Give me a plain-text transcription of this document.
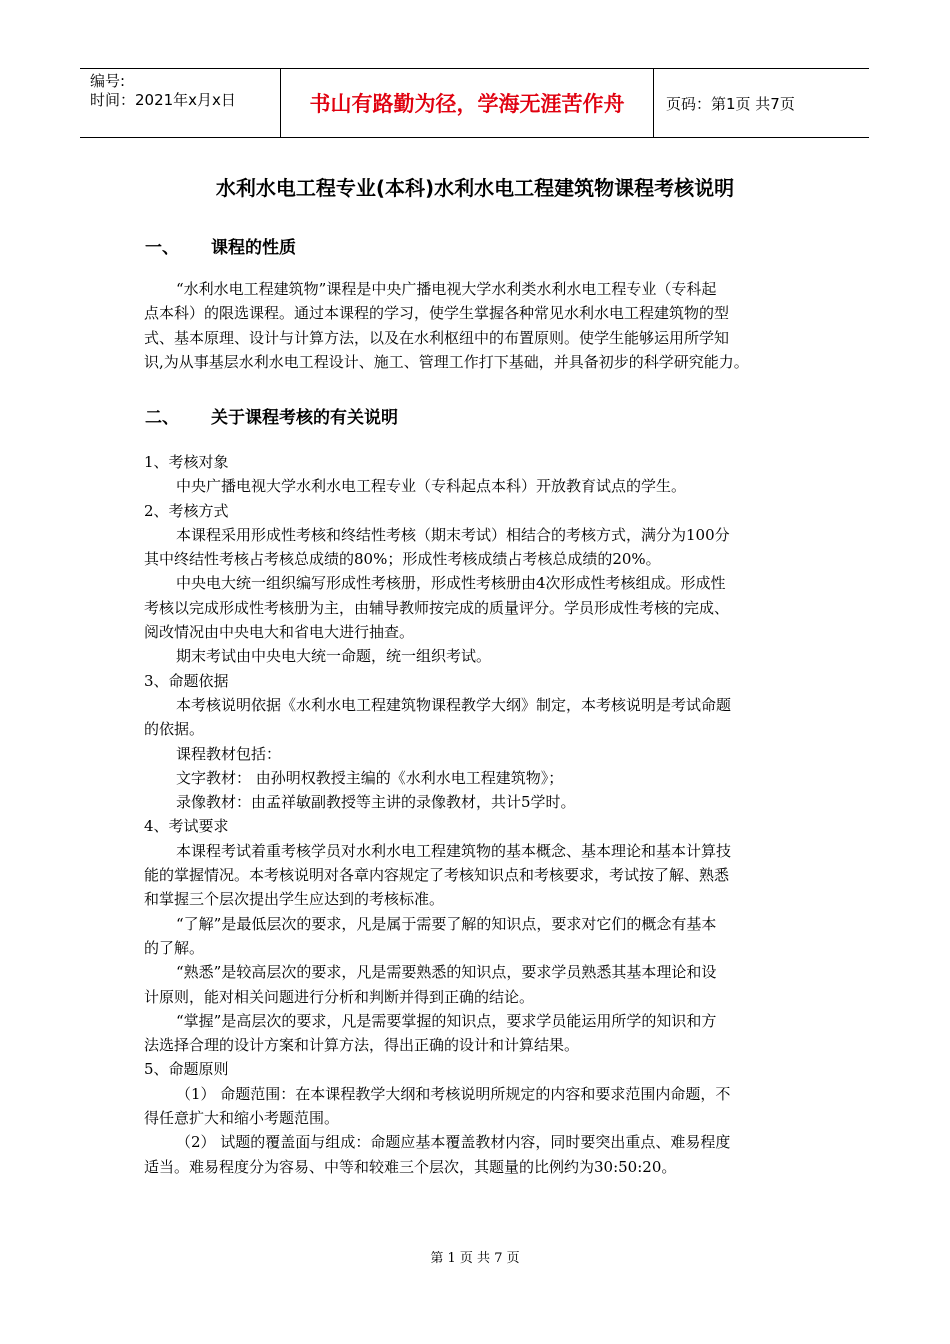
编号:
时间：2021年x月x日	书山有路勤为径，学海无涯苦作舟	页码：第1页 共7页
水利水电工程专业(本科)水利水电工程建筑物课程考核说明
一、	课程的性质

“水利水电工程建筑物”课程是中央广播电视大学水利类水利水电工程专业（专科起

点本科）的限选课程。通过本课程的学习，使学生掌握各种常见水利水电工程建筑物的型

式、基本原理、设计与计算方法，以及在水利枢纽中的布置原则。使学生能够运用所学知

识,为从事基层水利水电工程设计、施工、管理工作打下基础，并具备初步的科学研究能力。

二、	关于课程考核的有关说明

1、考核对象

中央广播电视大学水利水电工程专业（专科起点本科）开放教育试点的学生。

2、考核方式

本课程采用形成性考核和终结性考核（期末考试）相结合的考核方式，满分为100分

其中终结性考核占考核总成绩的80%；形成性考核成绩占考核总成绩的20%。

中央电大统一组织编写形成性考核册，形成性考核册由4次形成性考核组成。形成性

考核以完成形成性考核册为主，由辅导教师按完成的质量评分。学员形成性考核的完成、

阅改情况由中央电大和省电大进行抽查。

期末考试由中央电大统一命题，统一组织考试。

3、命题依据

本考核说明依据《水利水电工程建筑物课程教学大纲》制定，本考核说明是考试命题

的依据。

课程教材包括：

文字教材： 由孙明权教授主编的《水利水电工程建筑物》；

录像教材：由孟祥敏副教授等主讲的录像教材，共计5学时。

4、考试要求

本课程考试着重考核学员对水利水电工程建筑物的基本概念、基本理论和基本计算技

能的掌握情况。本考核说明对各章内容规定了考核知识点和考核要求，考试按了解、熟悉

和掌握三个层次提出学生应达到的考核标准。

“了解”是最低层次的要求，凡是属于需要了解的知识点，要求对它们的概念有基本

的了解。

“熟悉”是较高层次的要求，凡是需要熟悉的知识点，要求学员熟悉其基本理论和设

计原则，能对相关问题进行分析和判断并得到正确的结论。

“掌握”是高层次的要求，凡是需要掌握的知识点，要求学员能运用所学的知识和方

法选择合理的设计方案和计算方法，得出正确的设计和计算结果。

5、命题原则

（1） 命题范围：在本课程教学大纲和考核说明所规定的内容和要求范围内命题，不

得任意扩大和缩小考题范围。

（2） 试题的覆盖面与组成：命题应基本覆盖教材内容，同时要突出重点、难易程度

适当。难易程度分为容易、中等和较难三个层次，其题量的比例约为30:50:20。

第 1 页 共 7 页
